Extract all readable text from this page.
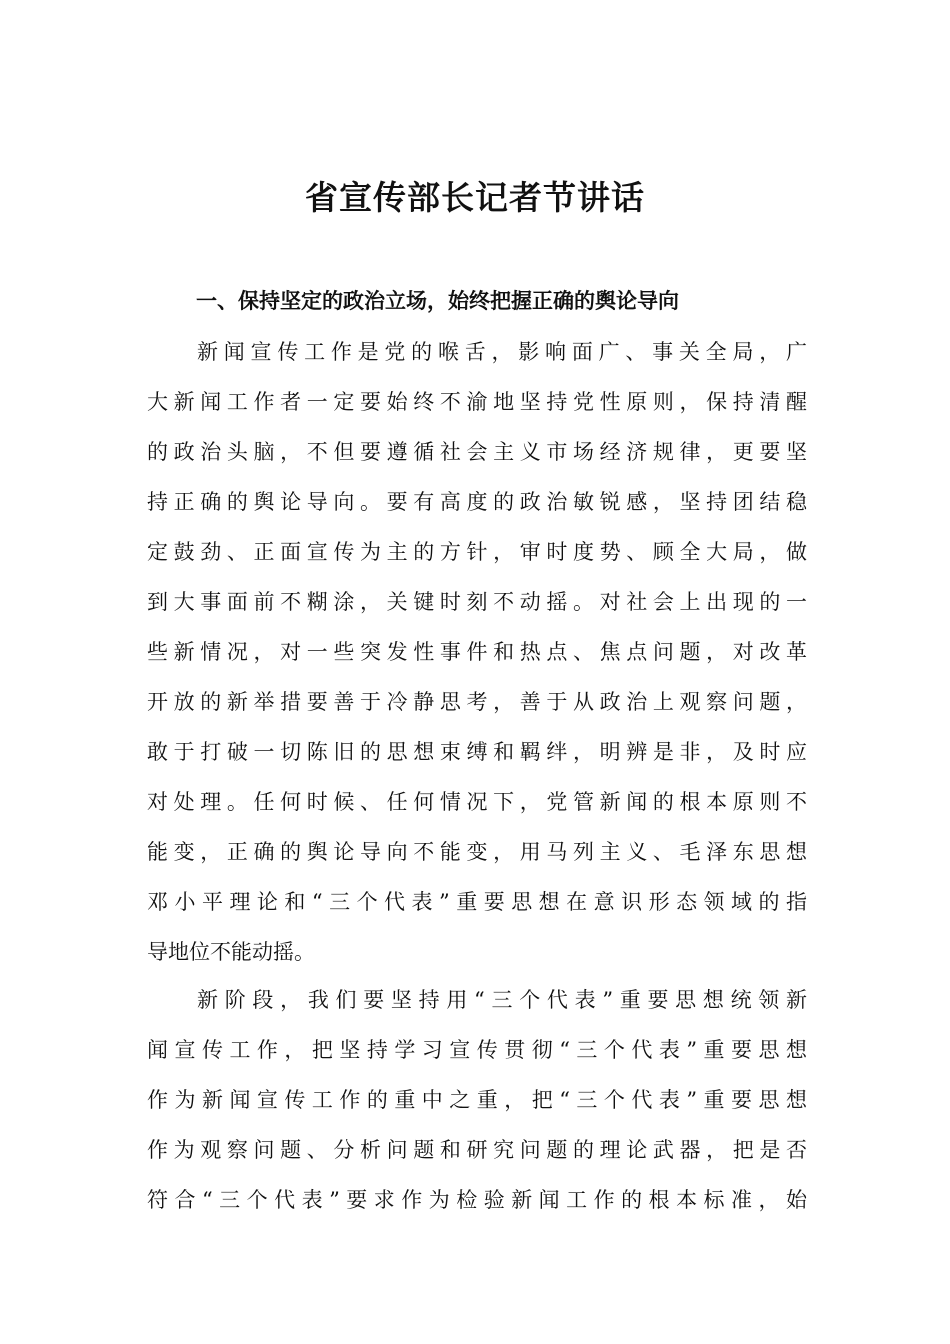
省宣传部长记者节讲话
一、保持坚定的政治立场，始终把握正确的舆论导向
新闻宣传工作是党的喉舌，影响面广、事关全局，广
大新闻工作者一定要始终不渝地坚持党性原则，保持清醒
的政治头脑，不但要遵循社会主义市场经济规律，更要坚
持正确的舆论导向。要有高度的政治敏锐感，坚持团结稳
定鼓劲、正面宣传为主的方针，审时度势、顾全大局，做
到大事面前不糊涂，关键时刻不动摇。对社会上出现的一
些新情况，对一些突发性事件和热点、焦点问题，对改革
开放的新举措要善于冷静思考，善于从政治上观察问题，
敢于打破一切陈旧的思想束缚和羁绊，明辨是非，及时应
对处理。任何时候、任何情况下，党管新闻的根本原则不
能变，正确的舆论导向不能变，用马列主义、毛泽东思想
邓小平理论和“三个代表”重要思想在意识形态领域的指
导地位不能动摇。
新阶段，我们要坚持用“三个代表”重要思想统领新
闻宣传工作，把坚持学习宣传贯彻“三个代表”重要思想
作为新闻宣传工作的重中之重，把“三个代表”重要思想
作为观察问题、分析问题和研究问题的理论武器，把是否
符合“三个代表”要求作为检验新闻工作的根本标准，始
